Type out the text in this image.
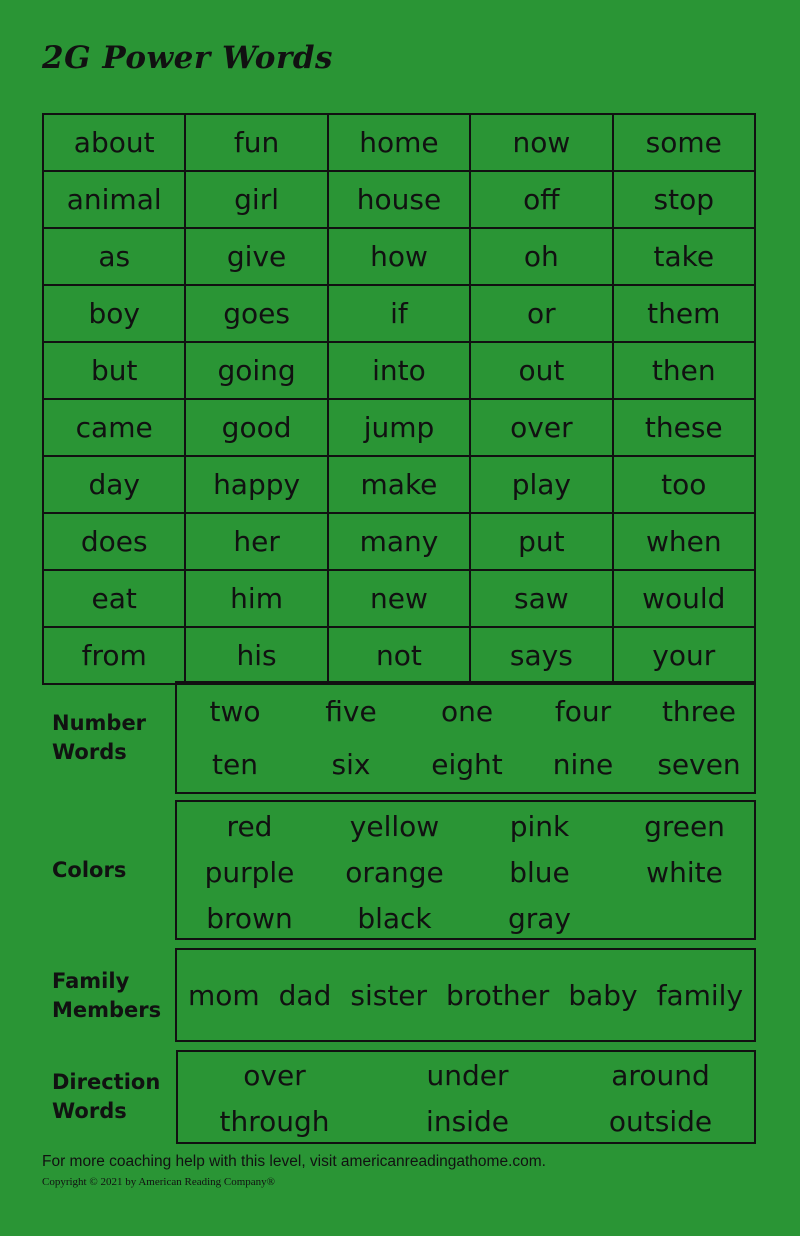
2G Power Words
about	fun	home	now	some
animal	girl	house	off	stop
as	give	how	oh	take
boy	goes	if	or	them
but	going	into	out	then
came	good	jump	over	these
day	happy	make	play	too
does	her	many	put	when
eat	him	new	saw	would
from	his	not	says	your

Number
Words

two	five	one	four	three
ten	six	eight	nine	seven

Colors

red	yellow	pink	green
purple	orange	blue	white
brown	black	gray

Family
Members mom dad sister brother baby family

Direction
Words

over	under	around
through	inside	outside

For more coaching help with this level, visit americanreadingathome.com.

Copyright © 2021 by American Reading Company®
